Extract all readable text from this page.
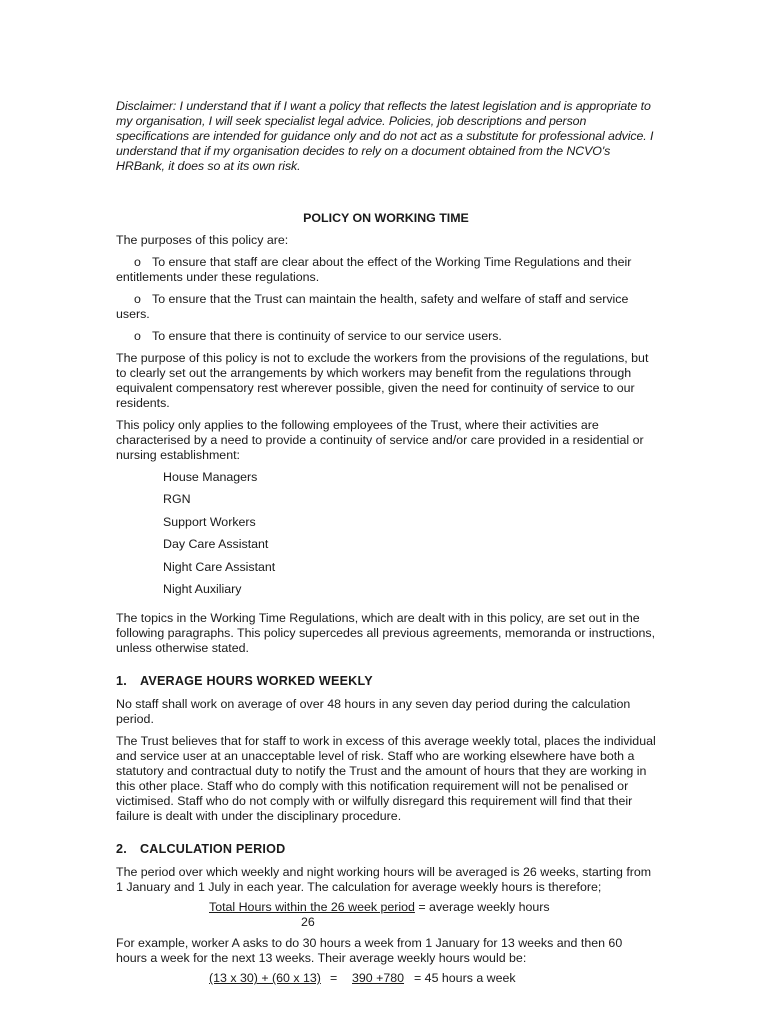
Disclaimer: I understand that if I want a policy that reflects the latest legislation and is appropriate to my organisation, I will seek specialist legal advice. Policies, job descriptions and person specifications are intended for guidance only and do not act as a substitute for professional advice. I understand that if my organisation decides to rely on a document obtained from the NCVO's HRBank, it does so at its own risk.

POLICY ON WORKING TIME

The purposes of this policy are:

o To ensure that staff are clear about the effect of the Working Time Regulations and their entitlements under these regulations.

o To ensure that the Trust can maintain the health, safety and welfare of staff and service users.

o To ensure that there is continuity of service to our service users.

The purpose of this policy is not to exclude the workers from the provisions of the regulations, but to clearly set out the arrangements by which workers may benefit from the regulations through equivalent compensatory rest wherever possible, given the need for continuity of service to our residents.

This policy only applies to the following employees of the Trust, where their activities are characterised by a need to provide a continuity of service and/or care provided in a residential or nursing establishment:

House Managers
RGN
Support Workers
Day Care Assistant
Night Care Assistant
Night Auxiliary

The topics in the Working Time Regulations, which are dealt with in this policy, are set out in the following paragraphs. This policy supercedes all previous agreements, memoranda or instructions, unless otherwise stated.

1. AVERAGE HOURS WORKED WEEKLY

No staff shall work on average of over 48 hours in any seven day period during the calculation period.

The Trust believes that for staff to work in excess of this average weekly total, places the individual and service user at an unacceptable level of risk. Staff who are working elsewhere have both a statutory and contractual duty to notify the Trust and the amount of hours that they are working in this other place. Staff who do comply with this notification requirement will not be penalised or victimised. Staff who do not comply with or wilfully disregard this requirement will find that their failure is dealt with under the disciplinary procedure.

2. CALCULATION PERIOD

The period over which weekly and night working hours will be averaged is 26 weeks, starting from 1 January and 1 July in each year. The calculation for average weekly hours is therefore;

Total Hours within the 26 week period = average weekly hours
26

For example, worker A asks to do 30 hours a week from 1 January for 13 weeks and then 60 hours a week for the next 13 weeks. Their average weekly hours would be:

(13 x 30) + (60 x 13) = 390 +780 = 45 hours a week
